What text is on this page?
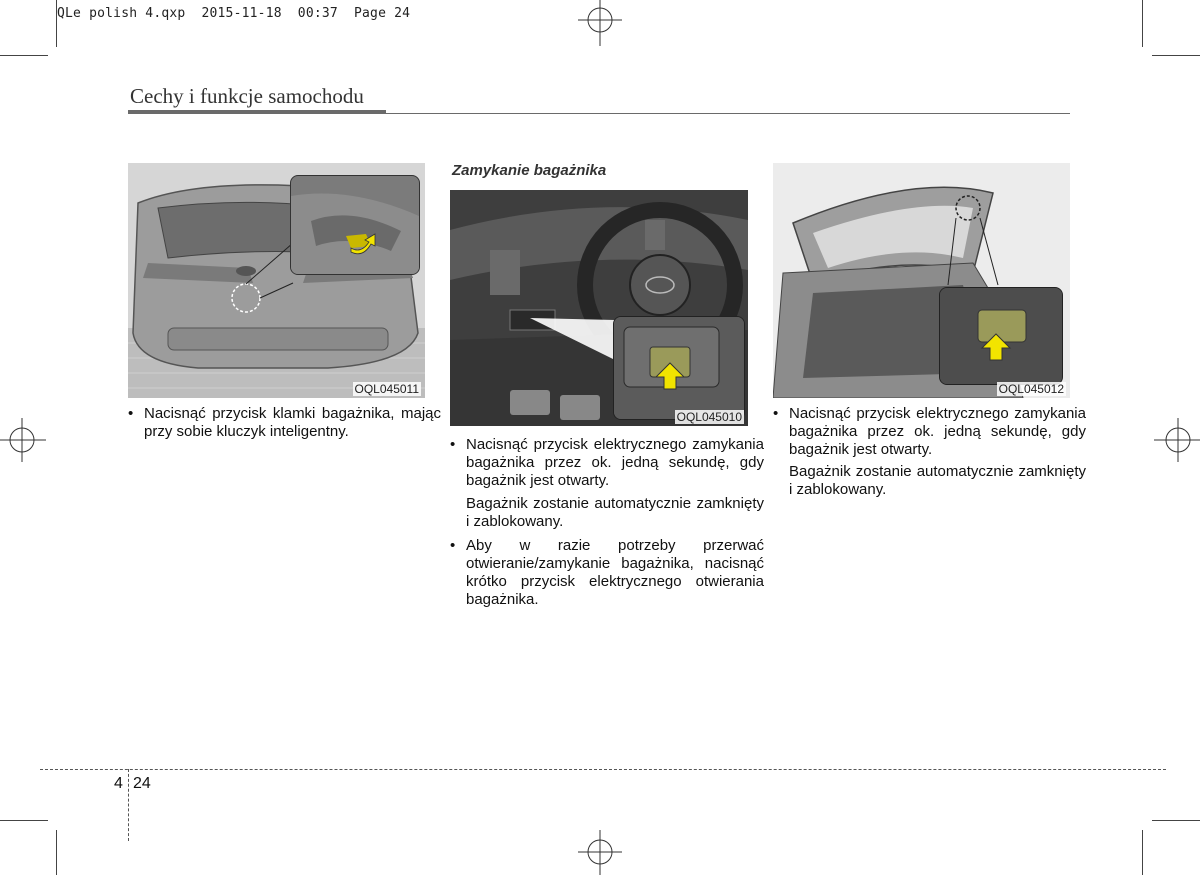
QLe polish 4.qxp  2015-11-18  00:37  Page 24
Cechy i funkcje samochodu
OQL045011
• Nacisnąć przycisk klamki bagażnika, mając przy sobie kluczyk inteligentny.
Zamykanie bagażnika
OQL045010
• Nacisnąć przycisk elektrycznego zamykania bagażnika przez ok. jedną sekundę, gdy bagażnik jest otwarty.
Bagażnik zostanie automatycznie zamknięty i zablokowany.
• Aby w razie potrzeby przerwać otwieranie/zamykanie bagażnika, nacisnąć krótko przycisk elektrycznego otwierania bagażnika.
OQL045012
• Nacisnąć przycisk elektrycznego zamykania bagażnika przez ok. jedną sekundę, gdy bagażnik jest otwarty.
Bagażnik zostanie automatycznie zamknięty i zablokowany.
4 24
